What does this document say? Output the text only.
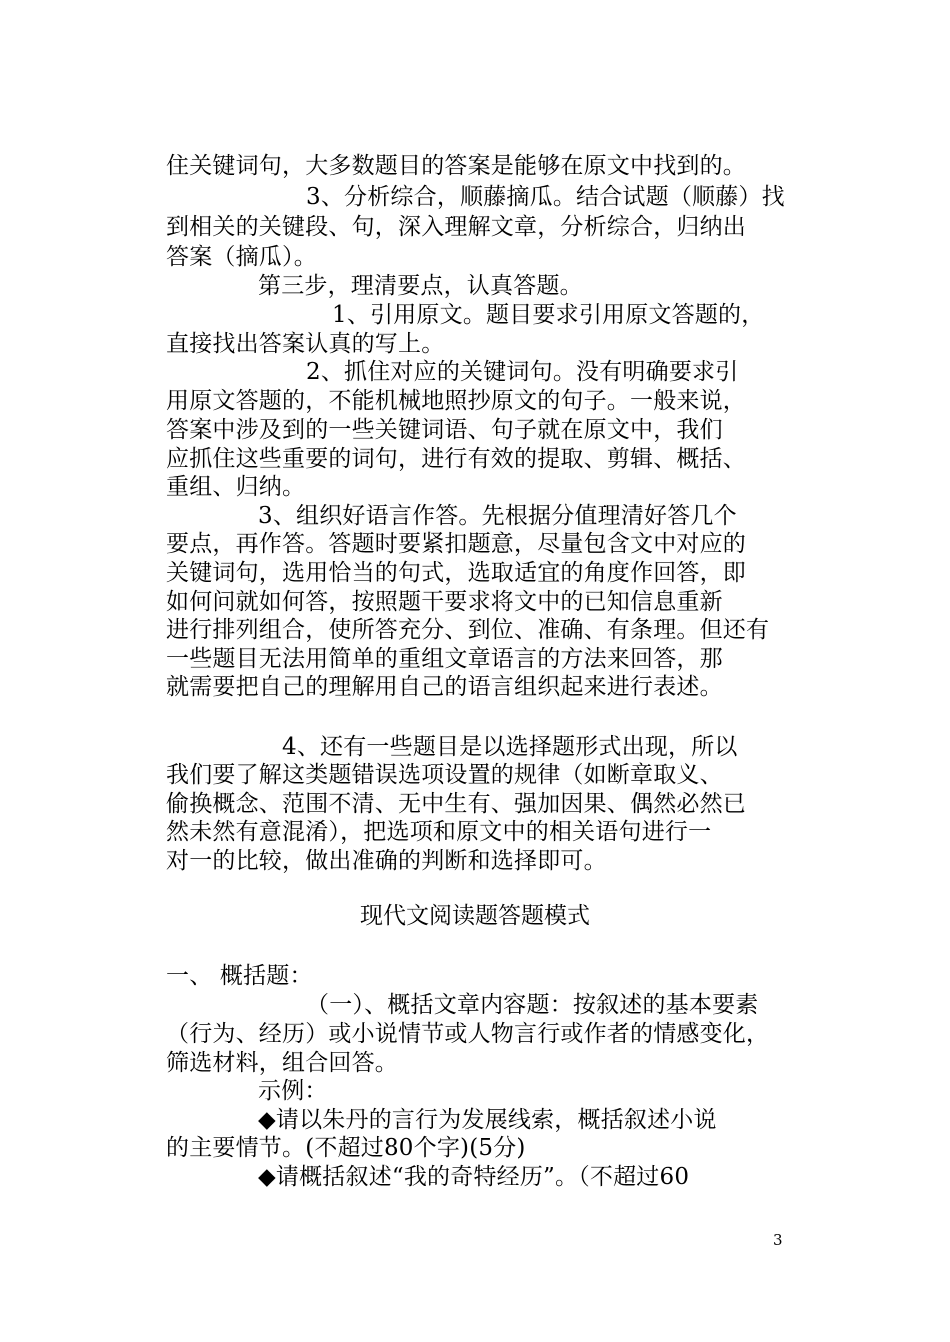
住关键词句，大多数题目的答案是能够在原文中找到的。
3、分析综合，顺藤摘瓜。结合试题（顺藤）找
到相关的关键段、句，深入理解文章，分析综合，归纳出
答案（摘瓜）。
第三步，理清要点，认真答题。
1、引用原文。题目要求引用原文答题的，
直接找出答案认真的写上。
2、抓住对应的关键词句。没有明确要求引
用原文答题的，不能机械地照抄原文的句子。一般来说，
答案中涉及到的一些关键词语、句子就在原文中，我们
应抓住这些重要的词句，进行有效的提取、剪辑、概括、
重组、归纳。
3、组织好语言作答。先根据分值理清好答几个
要点，再作答。答题时要紧扣题意，尽量包含文中对应的
关键词句，选用恰当的句式，选取适宜的角度作回答，即
如何问就如何答，按照题干要求将文中的已知信息重新
进行排列组合，使所答充分、到位、准确、有条理。但还有
一些题目无法用简单的重组文章语言的方法来回答，那
就需要把自己的理解用自己的语言组织起来进行表述。
4、还有一些题目是以选择题形式出现，所以
我们要了解这类题错误选项设置的规律（如断章取义、
偷换概念、范围不清、无中生有、强加因果、偶然必然已
然未然有意混淆），把选项和原文中的相关语句进行一
对一的比较，做出准确的判断和选择即可。
现代文阅读题答题模式
一、 概括题：
（一）、概括文章内容题：按叙述的基本要素
（行为、经历）或小说情节或人物言行或作者的情感变化，
筛选材料，组合回答。
示例：
◆请以朱丹的言行为发展线索，概括叙述小说
的主要情节。(不超过80个字)(5分)
◆请概括叙述“我的奇特经历”。（不超过60
3
